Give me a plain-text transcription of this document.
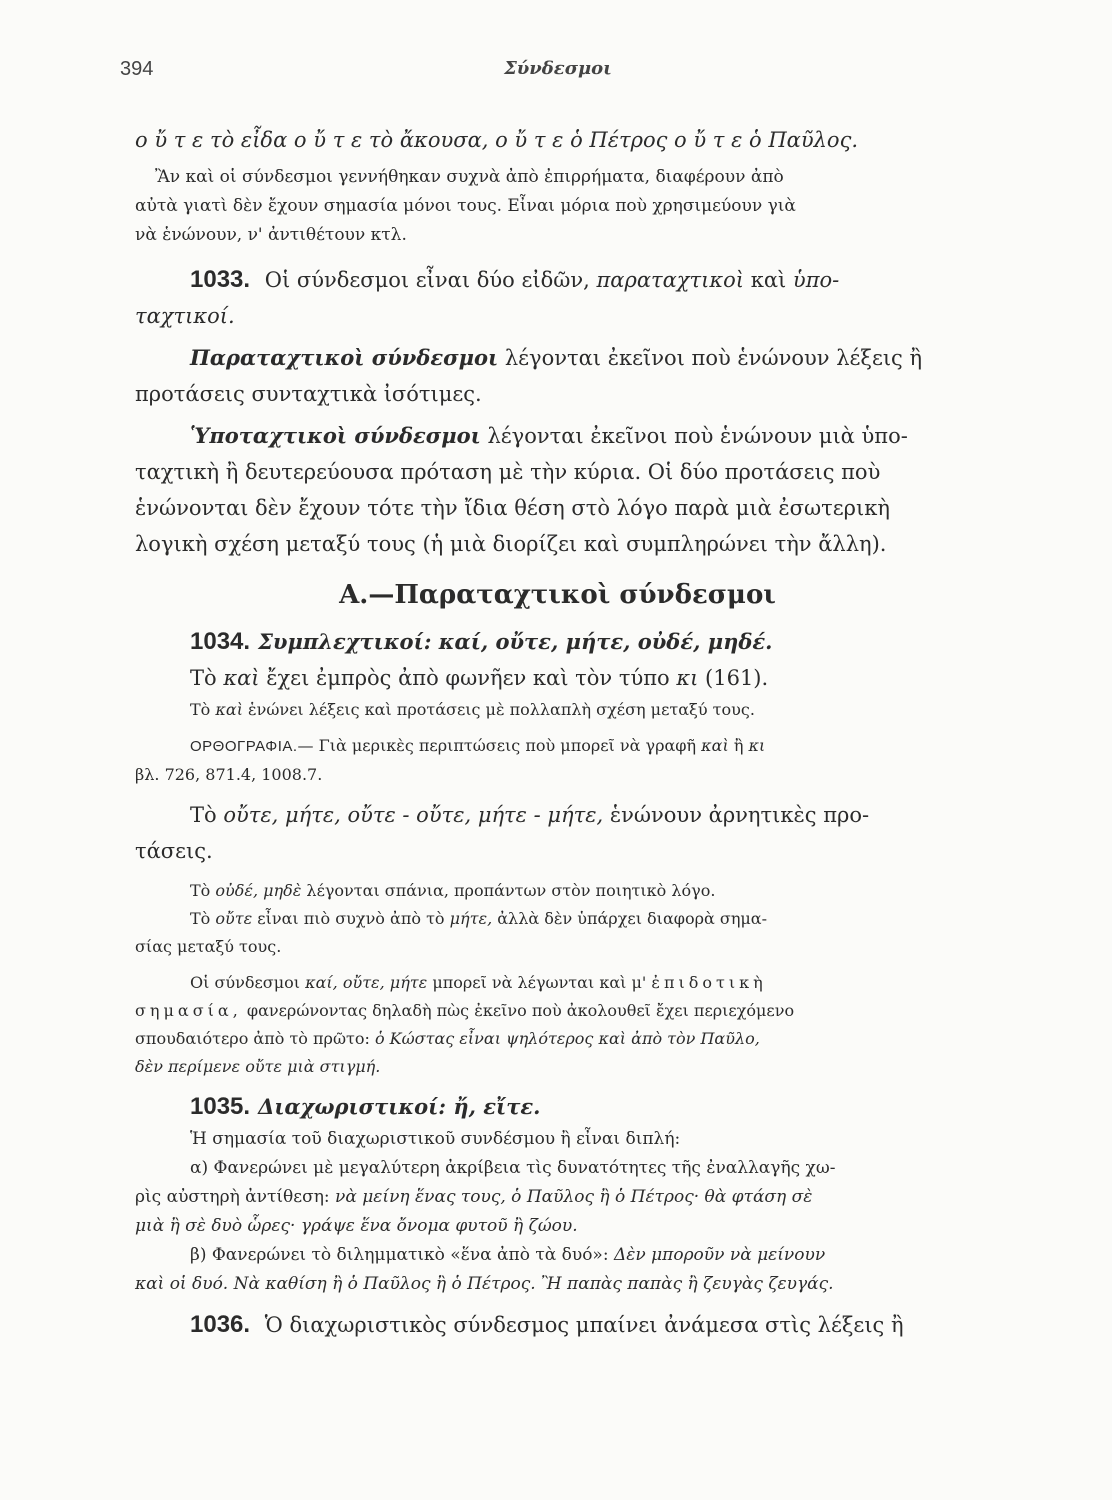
394	Σύνδεσμοι

ο ὔ τ ε τὸ εἶδα ο ὔ τ ε τὸ ἄκουσα, ο ὔ τ ε ὁ Πέτρος ο ὔ τ ε ὁ Παῦλος.

Ἂν καὶ οἱ σύνδεσμοι γεννήθηκαν συχνὰ ἀπὸ ἐπιρρήματα, διαφέρουν ἀπὸ

αὐτὰ γιατὶ δὲν ἔχουν σημασία μόνοι τους. Εἶναι μόρια ποὺ χρησιμεύουν γιὰ

νὰ ἑνώνουν, ν' ἀντιθέτουν κτλ.

1033. Οἱ σύνδεσμοι εἶναι δύο εἰδῶν, παραταχτικοὶ καὶ ὑπο-

ταχτικοί.

Παραταχτικοὶ σύνδεσμοι λέγονται ἐκεῖνοι ποὺ ἑνώνουν λέξεις ἢ

προτάσεις συνταχτικὰ ἰσότιμες.

Ὑποταχτικοὶ σύνδεσμοι λέγονται ἐκεῖνοι ποὺ ἑνώνουν μιὰ ὑπο-

ταχτικὴ ἢ δευτερεύουσα πρόταση μὲ τὴν κύρια. Οἱ δύο προτάσεις ποὺ

ἑνώνονται δὲν ἔχουν τότε τὴν ἴδια θέση στὸ λόγο παρὰ μιὰ ἐσωτερικὴ

λογικὴ σχέση μεταξύ τους (ἡ μιὰ διορίζει καὶ συμπληρώνει τὴν ἄλλη).

Α.—Παραταχτικοὶ σύνδεσμοι

1034. Συμπλεχτικοί: καί, οὔτε, μήτε, οὐδέ, μηδέ.

Τὸ καὶ ἔχει ἐμπρὸς ἀπὸ φωνῆεν καὶ τὸν τύπο κι (161).

Τὸ καὶ ἑνώνει λέξεις καὶ προτάσεις μὲ πολλαπλὴ σχέση μεταξύ τους.

ΟΡΘΟΓΡΑΦΙΑ.— Γιὰ μερικὲς περιπτώσεις ποὺ μπορεῖ νὰ γραφῆ καὶ ἢ κι

βλ. 726, 871.4, 1008.7.

Τὸ οὔτε, μήτε, οὔτε - οὔτε, μήτε - μήτε, ἑνώνουν ἀρνητικὲς προ-

τάσεις.

Τὸ οὐδέ, μηδὲ λέγονται σπάνια, προπάντων στὸν ποιητικὸ λόγο.

Τὸ οὔτε εἶναι πιὸ συχνὸ ἀπὸ τὸ μήτε, ἀλλὰ δὲν ὑπάρχει διαφορὰ σημα-

σίας μεταξύ τους.

Οἱ σύνδεσμοι καί, οὔτε, μήτε μπορεῖ νὰ λέγωνται καὶ μ' ἐπιδοτικὴ

σημασία, φανερώνοντας δηλαδὴ πὼς ἐκεῖνο ποὺ ἀκολουθεῖ ἔχει περιεχόμενο

σπουδαιότερο ἀπὸ τὸ πρῶτο: ὁ Κώστας εἶναι ψηλότερος καὶ ἀπὸ τὸν Παῦλο,

δὲν περίμενε οὔτε μιὰ στιγμή.

1035. Διαχωριστικοί: ἤ, εἴτε.

Ἡ σημασία τοῦ διαχωριστικοῦ συνδέσμου ἢ εἶναι διπλή:

α) Φανερώνει μὲ μεγαλύτερη ἀκρίβεια τὶς δυνατότητες τῆς ἐναλλαγῆς χω-

ρὶς αὐστηρὴ ἀντίθεση: νὰ μείνη ἕνας τους, ὁ Παῦλος ἢ ὁ Πέτρος· θὰ φτάση σὲ

μιὰ ἢ σὲ δυὸ ὧρες· γράψε ἕνα ὄνομα φυτοῦ ἢ ζώου.

β) Φανερώνει τὸ διλημματικὸ «ἕνα ἀπὸ τὰ δυό»: Δὲν μποροῦν νὰ μείνουν

καὶ οἱ δυό. Νὰ καθίση ἢ ὁ Παῦλος ἢ ὁ Πέτρος. Ἢ παπὰς παπὰς ἢ ζευγὰς ζευγάς.

1036. Ὁ διαχωριστικὸς σύνδεσμος μπαίνει ἀνάμεσα στὶς λέξεις ἢ
